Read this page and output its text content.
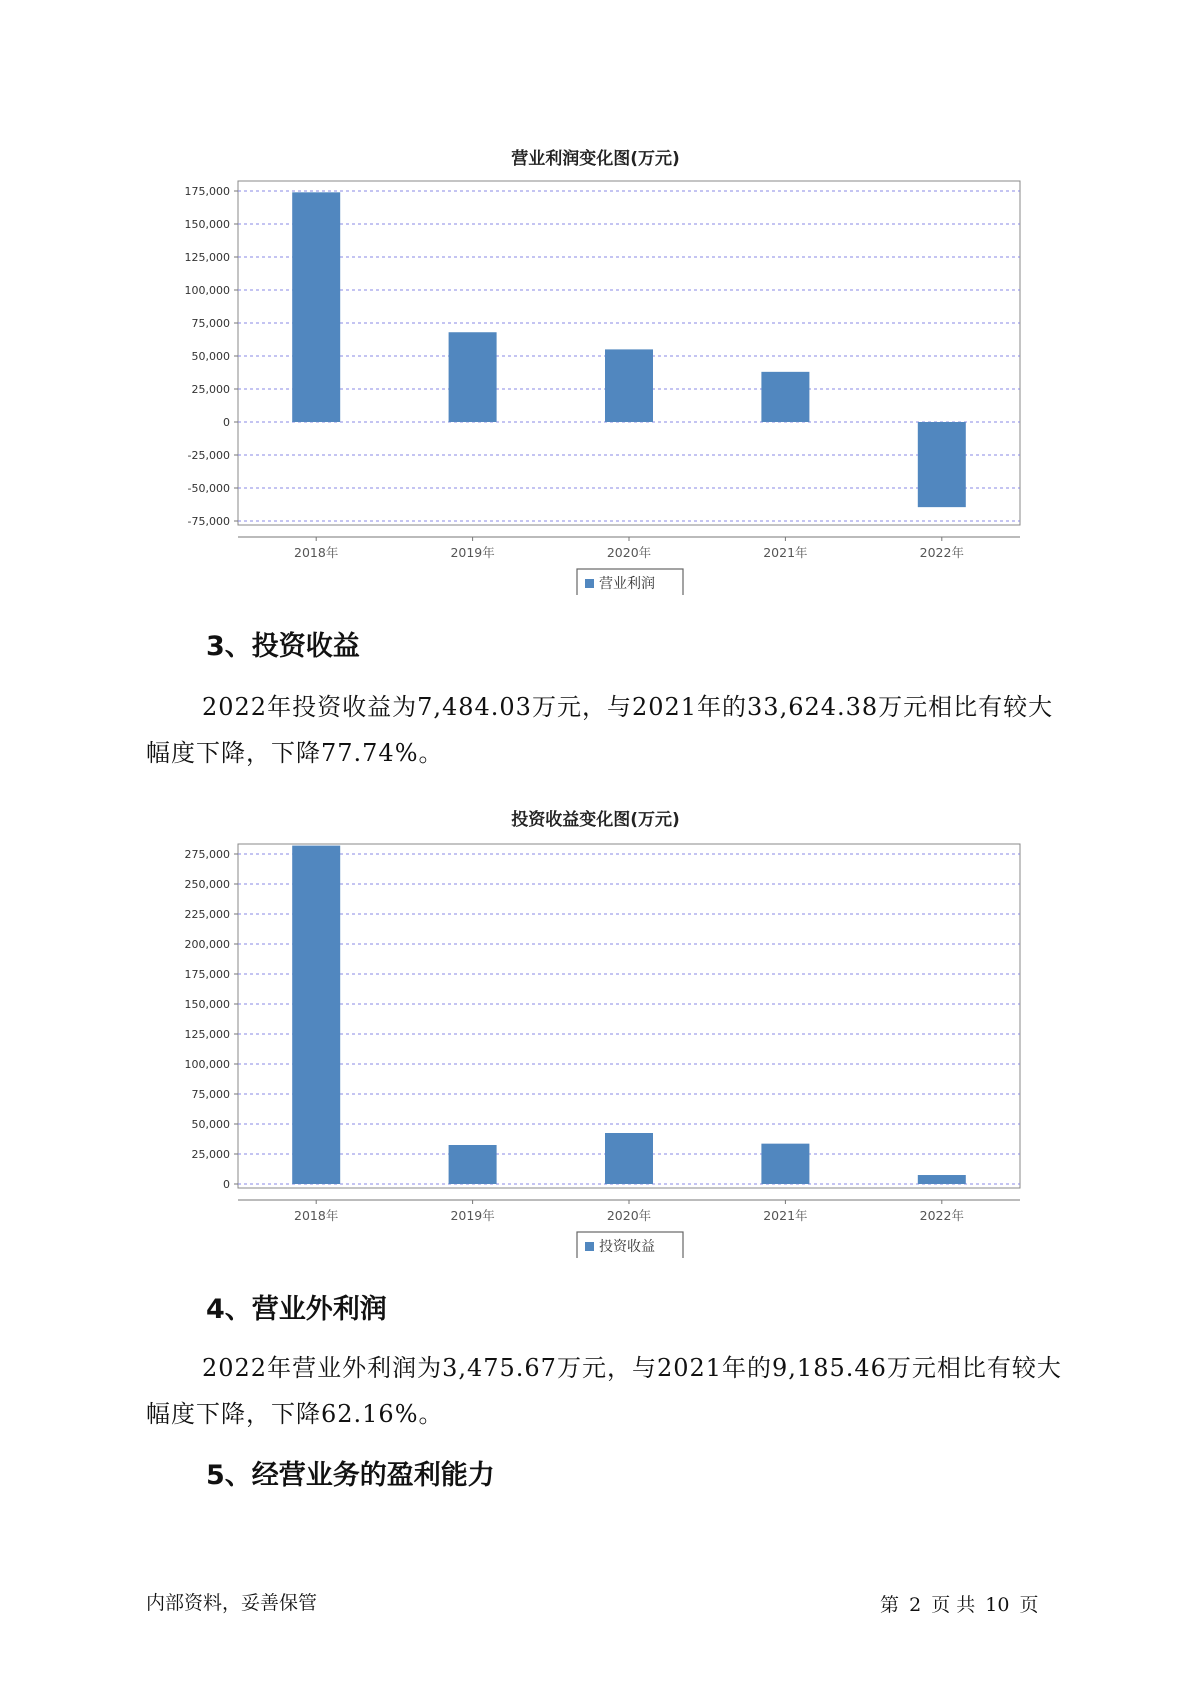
营业利润变化图(万元)
175,000
150,000
125,000
100,000
75,000
50,000
25,000
0
-25,000
-50,000
-75,000
2018年	2019年	2020年	2021年	2022年
营业利润
3、投资收益
2022年投资收益为7,484.03万元，与2021年的33,624.38万元相比有较大幅度下降，下降77.74%。
投资收益变化图(万元)
275,000
250,000
225,000
200,000
175,000
150,000
125,000
100,000
75,000
50,000
25,000
0
2018年	2019年	2020年	2021年	2022年
投资收益
4、营业外利润
2022年营业外利润为3,475.67万元，与2021年的9,185.46万元相比有较大幅度下降，下降62.16%。
5、经营业务的盈利能力
内部资料，妥善保管	第 2 页 共 10 页
